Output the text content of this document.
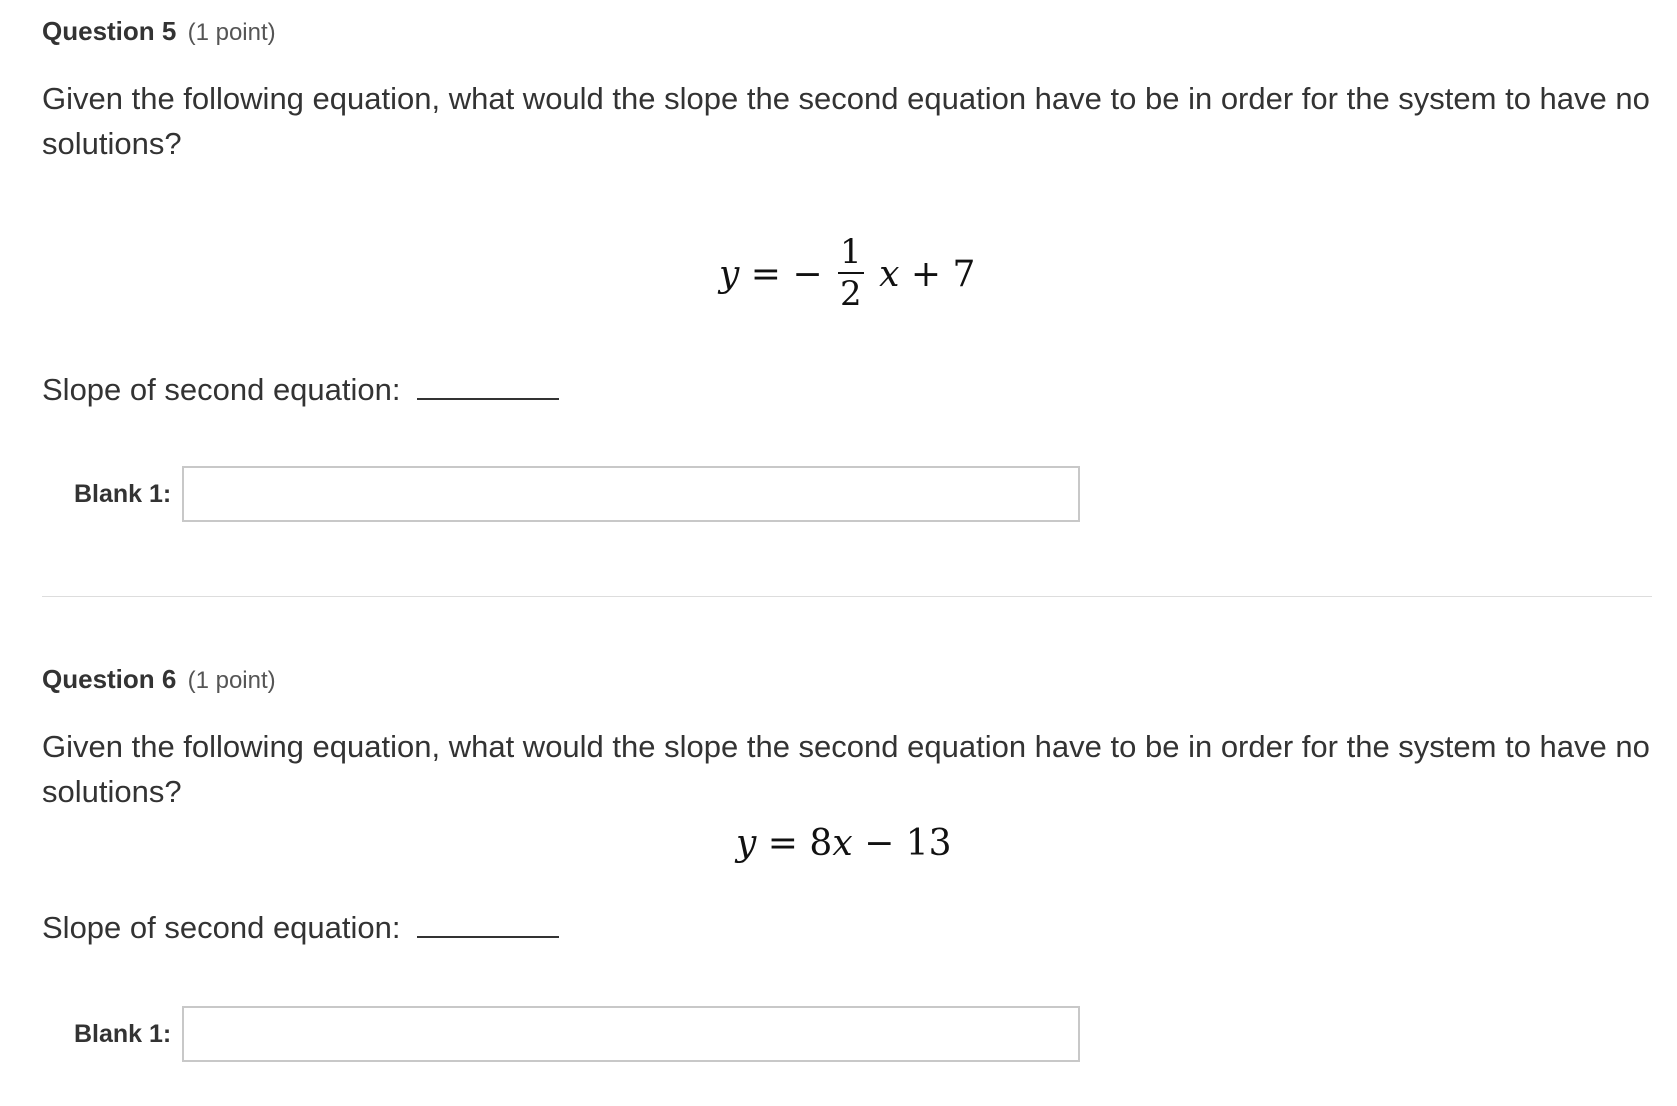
Question 5 (1 point)
Given the following equation, what would the slope the second equation have to be in order for the system to have no solutions?
y = − $\frac{1}{2}$ x + 7
Slope of second equation:
Blank 1:
Question 6 (1 point)
Given the following equation, what would the slope the second equation have to be in order for the system to have no solutions?
y = 8x − 13
Slope of second equation:
Blank 1:
